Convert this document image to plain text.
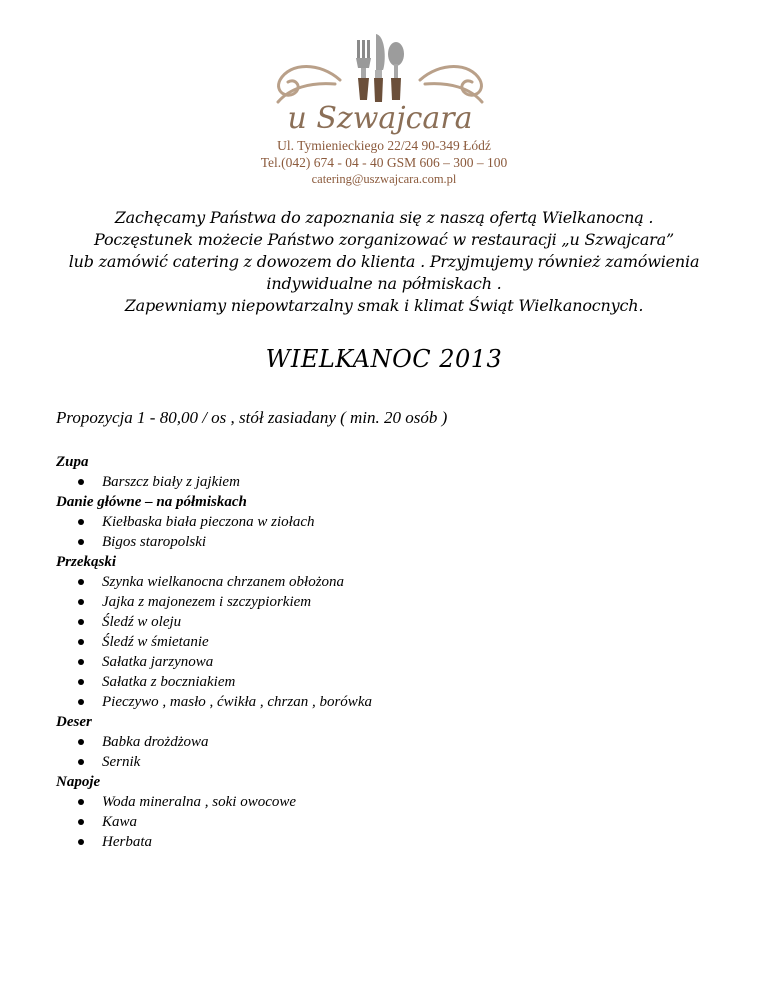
u Szwajcara
Ul. Tymienieckiego 22/24 90-349 Łódź
Tel.(042) 674 - 04 - 40 GSM 606 – 300 – 100
catering@uszwajcara.com.pl
Zachęcamy Państwa do zapoznania się z naszą ofertą Wielkanocną .
Poczęstunek możecie Państwo zorganizować w restauracji „u Szwajcara”
lub zamówić catering z dowozem do klienta . Przyjmujemy również zamówienia
indywidualne na półmiskach .
Zapewniamy niepowtarzalny smak i klimat Świąt Wielkanocnych.
WIELKANOC 2013
Propozycja 1 - 80,00 / os , stół zasiadany ( min. 20 osób )
Zupa
Barszcz biały z jajkiem
Danie główne – na półmiskach
Kiełbaska biała pieczona w ziołach
Bigos staropolski
Przekąski
Szynka wielkanocna chrzanem obłożona
Jajka z majonezem i szczypiorkiem
Śledź w oleju
Śledź w śmietanie
Sałatka jarzynowa
Sałatka z boczniakiem
Pieczywo , masło , ćwikła , chrzan , borówka
Deser
Babka drożdżowa
Sernik
Napoje
Woda mineralna , soki owocowe
Kawa
Herbata
